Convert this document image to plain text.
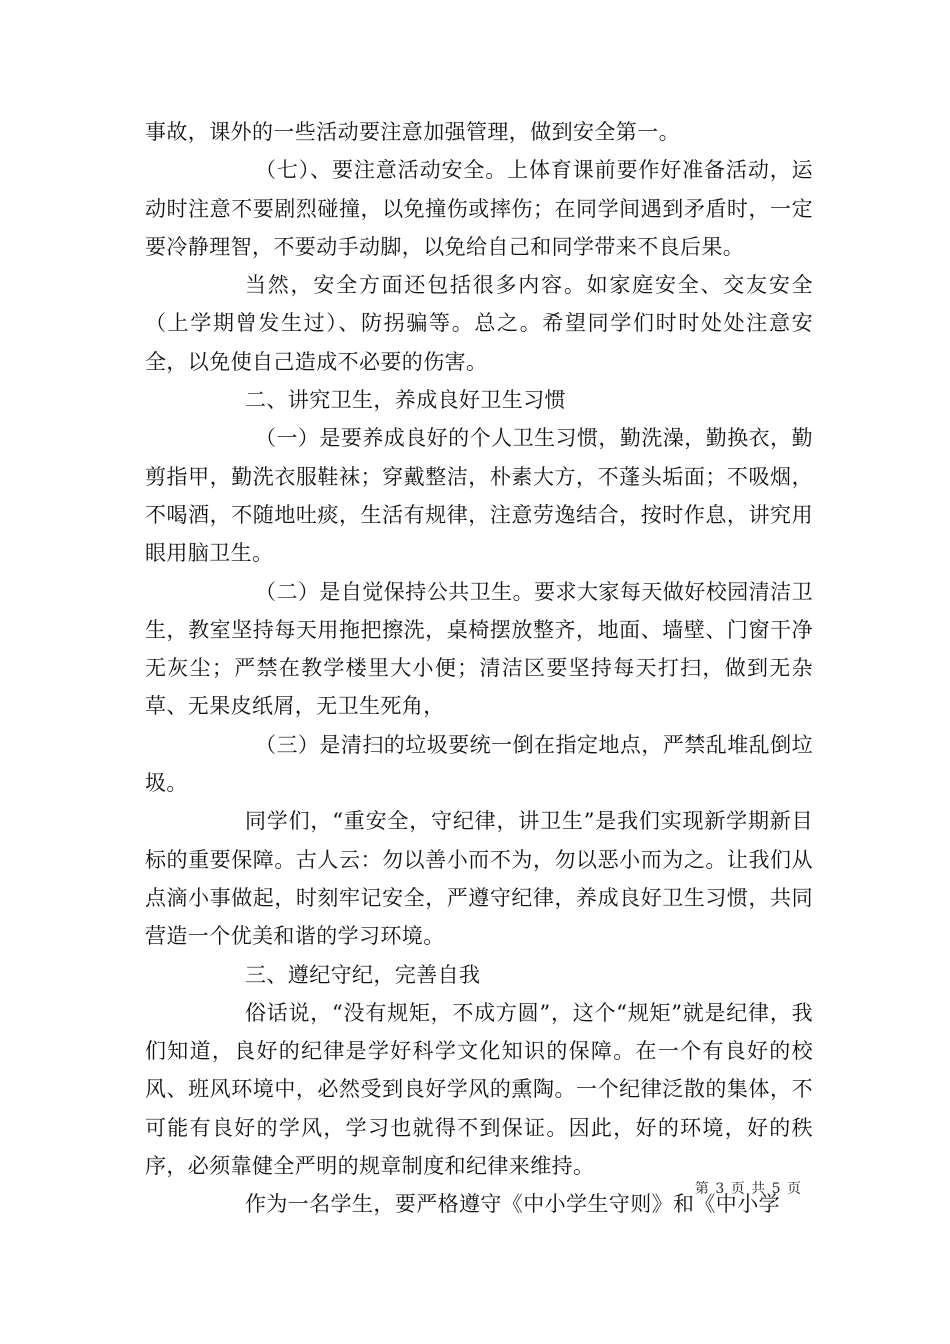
事故，课外的一些活动要注意加强管理，做到安全第一。

（七）、要注意活动安全。上体育课前要作好准备活动，运动时注意不要剧烈碰撞，以免撞伤或摔伤；在同学间遇到矛盾时，一定要冷静理智，不要动手动脚，以免给自己和同学带来不良后果。

当然，安全方面还包括很多内容。如家庭安全、交友安全（上学期曾发生过）、防拐骗等。总之。希望同学们时时处处注意安全，以免使自己造成不必要的伤害。

二、讲究卫生，养成良好卫生习惯

（一）是要养成良好的个人卫生习惯，勤洗澡，勤换衣，勤剪指甲，勤洗衣服鞋袜；穿戴整洁，朴素大方，不蓬头垢面；不吸烟，不喝酒，不随地吐痰，生活有规律，注意劳逸结合，按时作息，讲究用眼用脑卫生。

（二）是自觉保持公共卫生。要求大家每天做好校园清洁卫生，教室坚持每天用拖把擦洗，桌椅摆放整齐，地面、墙壁、门窗干净无灰尘；严禁在教学楼里大小便；清洁区要坚持每天打扫，做到无杂草、无果皮纸屑，无卫生死角，

（三）是清扫的垃圾要统一倒在指定地点，严禁乱堆乱倒垃圾。

同学们，“重安全，守纪律，讲卫生”是我们实现新学期新目标的重要保障。古人云：勿以善小而不为，勿以恶小而为之。让我们从点滴小事做起，时刻牢记安全，严遵守纪律，养成良好卫生习惯，共同营造一个优美和谐的学习环境。

三、遵纪守纪，完善自我

俗话说，“没有规矩，不成方圆”，这个“规矩”就是纪律，我们知道，良好的纪律是学好科学文化知识的保障。在一个有良好的校风、班风环境中，必然受到良好学风的熏陶。一个纪律泛散的集体，不可能有良好的学风，学习也就得不到保证。因此，好的环境，好的秩序，必须靠健全严明的规章制度和纪律来维持。

作为一名学生，要严格遵守《中小学生守则》和《中小学

第 3 页 共 5 页
